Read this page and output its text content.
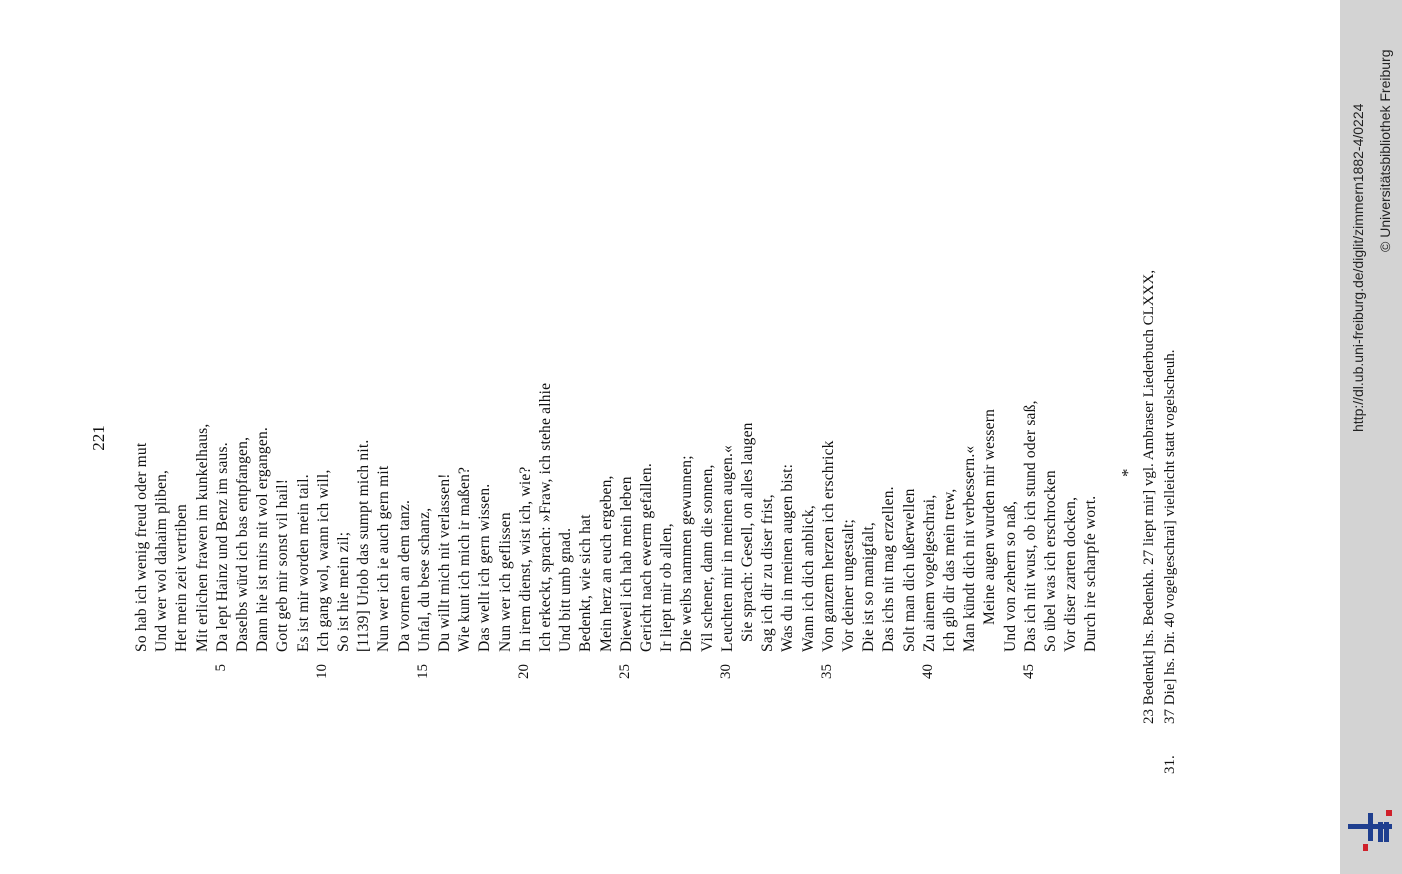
221
So hab ich wenig freud oder mut Und wer wol dahaim pliben, Het mein zeit vertriben Mit erlichen frawen im kunkelhaus,
5
Da lept Hainz und Benz im saus. Daselbs würd ich bas entpfangen, Dann hie ist mirs nit wol ergangen. Gott geb mir sonst vil hail! Es ist mir worden mein tail.
10
Ich gang wol, wann ich will, So ist hie mein zil; [1139] Urlob das sumpt mich nit. Nun wer ich ie auch gern mit Da vornen an dem tanz.
15
Unfal, du bese schanz, Du willt mich nit verlassen! Wie kunt ich mich ir maßen? Das wellt ich gern wissen. Nun wer ich geflissen
20
In irem dienst, wist ich, wie? Ich erkeckt, sprach: »Fraw, ich stehe alhie Und bitt umb gnad. Bedenkt, wie sich hat Mein herz an euch ergeben,
25
Dieweil ich hab mein leben Gericht nach ewerm gefallen. Ir liept mir ob allen, Die weibs nammen gewunnen; Vil schener, dann die sonnen,
30
Leuchten mir in meinen augen.« Sie sprach: Gesell, on alles laugen Sag ich dir zu diser frist, Was du in meinen augen bist: Wann ich dich anblick,
35
Von ganzem herzen ich erschrick Vor deiner ungestalt; Die ist so manigfalt, Das ichs nit mag erzellen. Solt man dich ußerwellen
40
Zu ainem vogelgeschrai, Ich gib dir das mein trew, Man kündt dich nit verbessern.« Meine augen wurden mir wessern Und von zehern so naß,
45
Das ich nit wust, ob ich stund oder saß, So übel was ich erschrocken Vor diser zarten docken, Durch ire scharpfe wort.
* 23 Bedenkt] hs. Bedenkh. 27 liept mir] vgl. Ambraser Liederbuch CLXXX,
31.
37 Die] hs. Dir. 40 vogelgeschrai] vielleicht statt vogelscheuh.
http://dl.ub.uni-freiburg.de/diglit/zimmern1882-4/0224 © Universitätsbibliothek Freiburg
